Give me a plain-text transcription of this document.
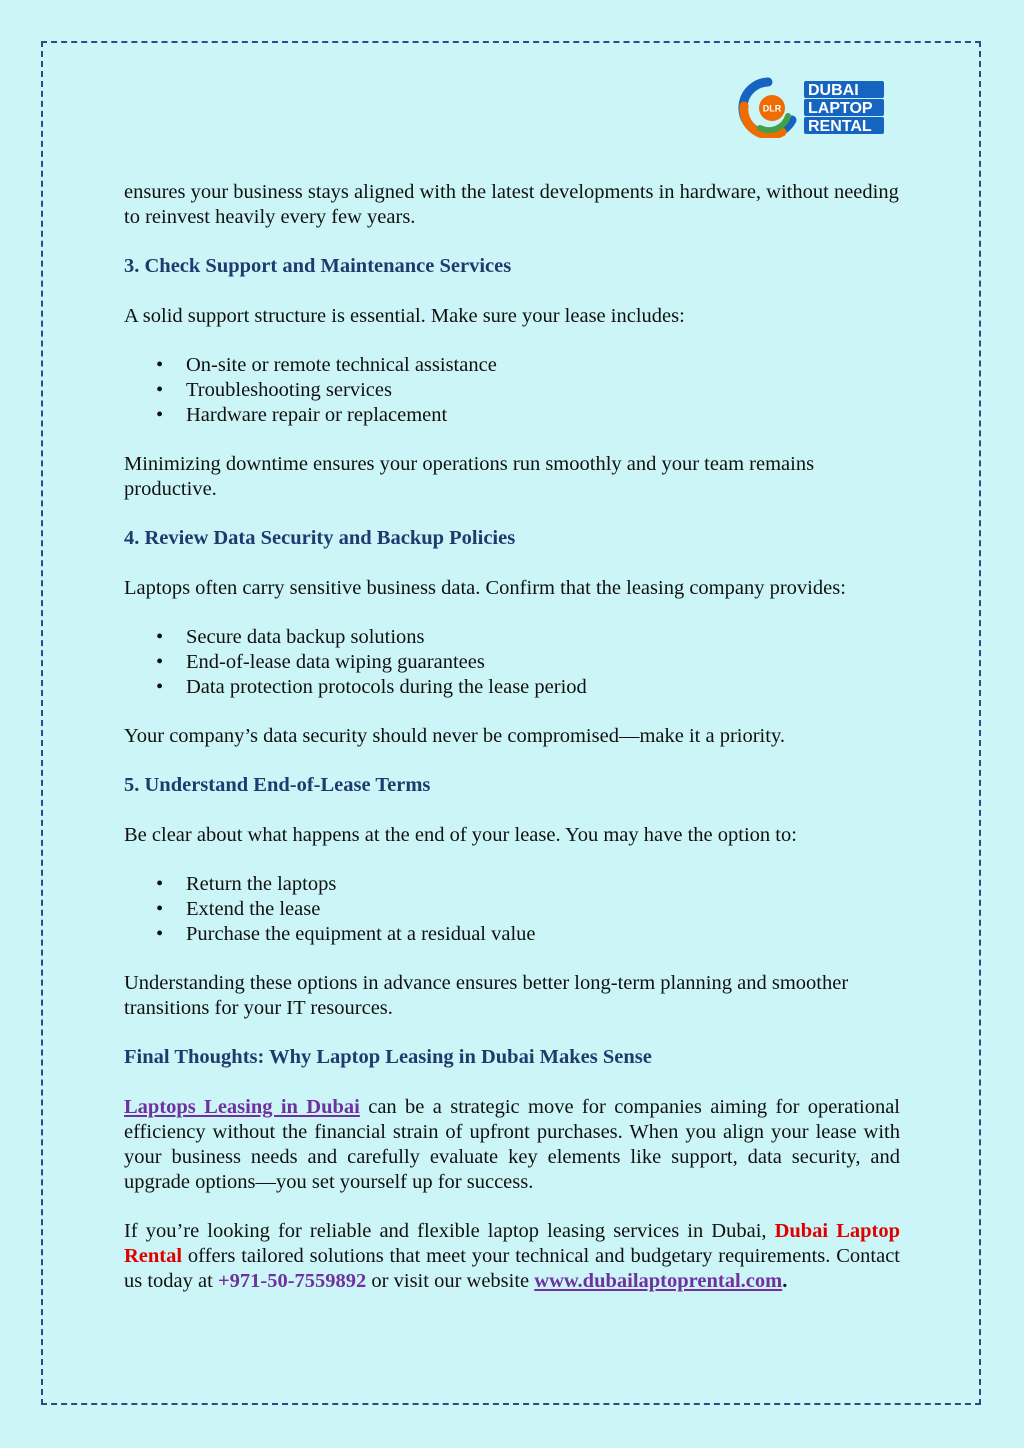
DLR
DUBAI
LAPTOP
RENTAL

ensures your business stays aligned with the latest developments in hardware, without needing to reinvest heavily every few years.

3. Check Support and Maintenance Services

A solid support structure is essential. Make sure your lease includes:

• On-site or remote technical assistance
• Troubleshooting services
• Hardware repair or replacement

Minimizing downtime ensures your operations run smoothly and your team remains productive.

4. Review Data Security and Backup Policies

Laptops often carry sensitive business data. Confirm that the leasing company provides:

• Secure data backup solutions
• End-of-lease data wiping guarantees
• Data protection protocols during the lease period

Your company’s data security should never be compromised—make it a priority.

5. Understand End-of-Lease Terms

Be clear about what happens at the end of your lease. You may have the option to:

• Return the laptops
• Extend the lease
• Purchase the equipment at a residual value

Understanding these options in advance ensures better long-term planning and smoother transitions for your IT resources.

Final Thoughts: Why Laptop Leasing in Dubai Makes Sense

Laptops Leasing in Dubai can be a strategic move for companies aiming for operational efficiency without the financial strain of upfront purchases. When you align your lease with your business needs and carefully evaluate key elements like support, data security, and upgrade options—you set yourself up for success.

If you’re looking for reliable and flexible laptop leasing services in Dubai, Dubai Laptop Rental offers tailored solutions that meet your technical and budgetary requirements. Contact us today at +971-50-7559892 or visit our website www.dubailaptoprental.com.
